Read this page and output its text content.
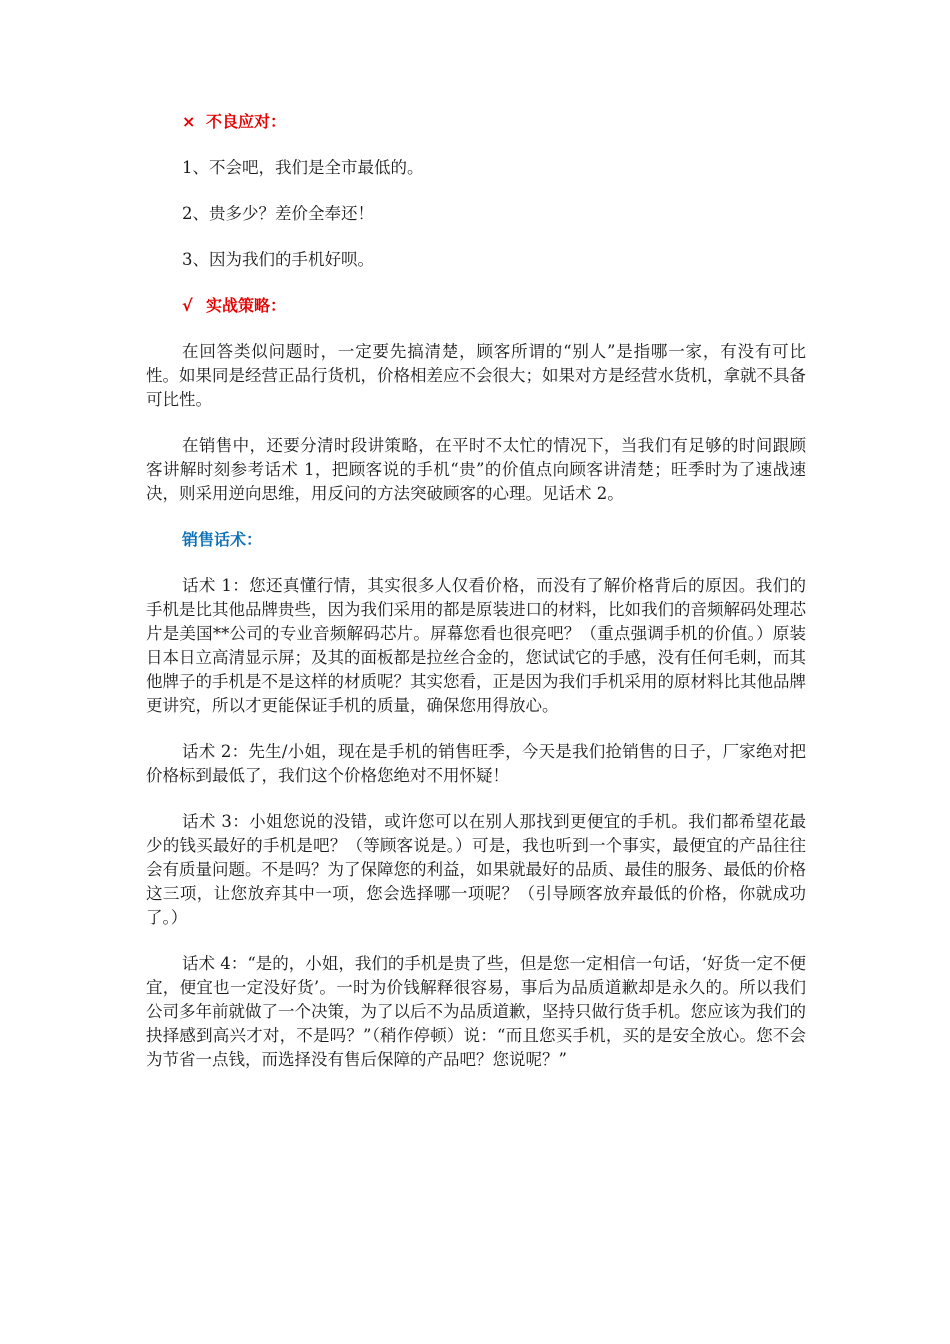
× 不良应对：

1、不会吧，我们是全市最低的。

2、贵多少？差价全奉还！

3、因为我们的手机好呗。

√ 实战策略：

在回答类似问题时，一定要先搞清楚，顾客所谓的“别人”是指哪一家，有没有可比性。如果同是经营正品行货机，价格相差应不会很大；如果对方是经营水货机，拿就不具备可比性。

在销售中，还要分清时段讲策略，在平时不太忙的情况下，当我们有足够的时间跟顾客讲解时刻参考话术 1，把顾客说的手机“贵”的价值点向顾客讲清楚；旺季时为了速战速决，则采用逆向思维，用反问的方法突破顾客的心理。见话术 2。

销售话术：

话术 1：您还真懂行情，其实很多人仅看价格，而没有了解价格背后的原因。我们的手机是比其他品牌贵些，因为我们采用的都是原装进口的材料，比如我们的音频解码处理芯片是美国**公司的专业音频解码芯片。屏幕您看也很亮吧？（重点强调手机的价值。）原装日本日立高清显示屏；及其的面板都是拉丝合金的，您试试它的手感，没有任何毛刺，而其他牌子的手机是不是这样的材质呢？其实您看，正是因为我们手机采用的原材料比其他品牌更讲究，所以才更能保证手机的质量，确保您用得放心。

话术 2：先生/小姐，现在是手机的销售旺季，今天是我们抢销售的日子，厂家绝对把价格标到最低了，我们这个价格您绝对不用怀疑！

话术 3：小姐您说的没错，或许您可以在别人那找到更便宜的手机。我们都希望花最少的钱买最好的手机是吧？（等顾客说是。）可是，我也听到一个事实，最便宜的产品往往会有质量问题。不是吗？为了保障您的利益，如果就最好的品质、最佳的服务、最低的价格这三项，让您放弃其中一项，您会选择哪一项呢？（引导顾客放弃最低的价格，你就成功了。）

话术 4：“是的，小姐，我们的手机是贵了些，但是您一定相信一句话，‘好货一定不便宜，便宜也一定没好货’。一时为价钱解释很容易，事后为品质道歉却是永久的。所以我们公司多年前就做了一个决策，为了以后不为品质道歉，坚持只做行货手机。您应该为我们的抉择感到高兴才对，不是吗？”（稍作停顿）说：“而且您买手机，买的是安全放心。您不会为节省一点钱，而选择没有售后保障的产品吧？您说呢？”
